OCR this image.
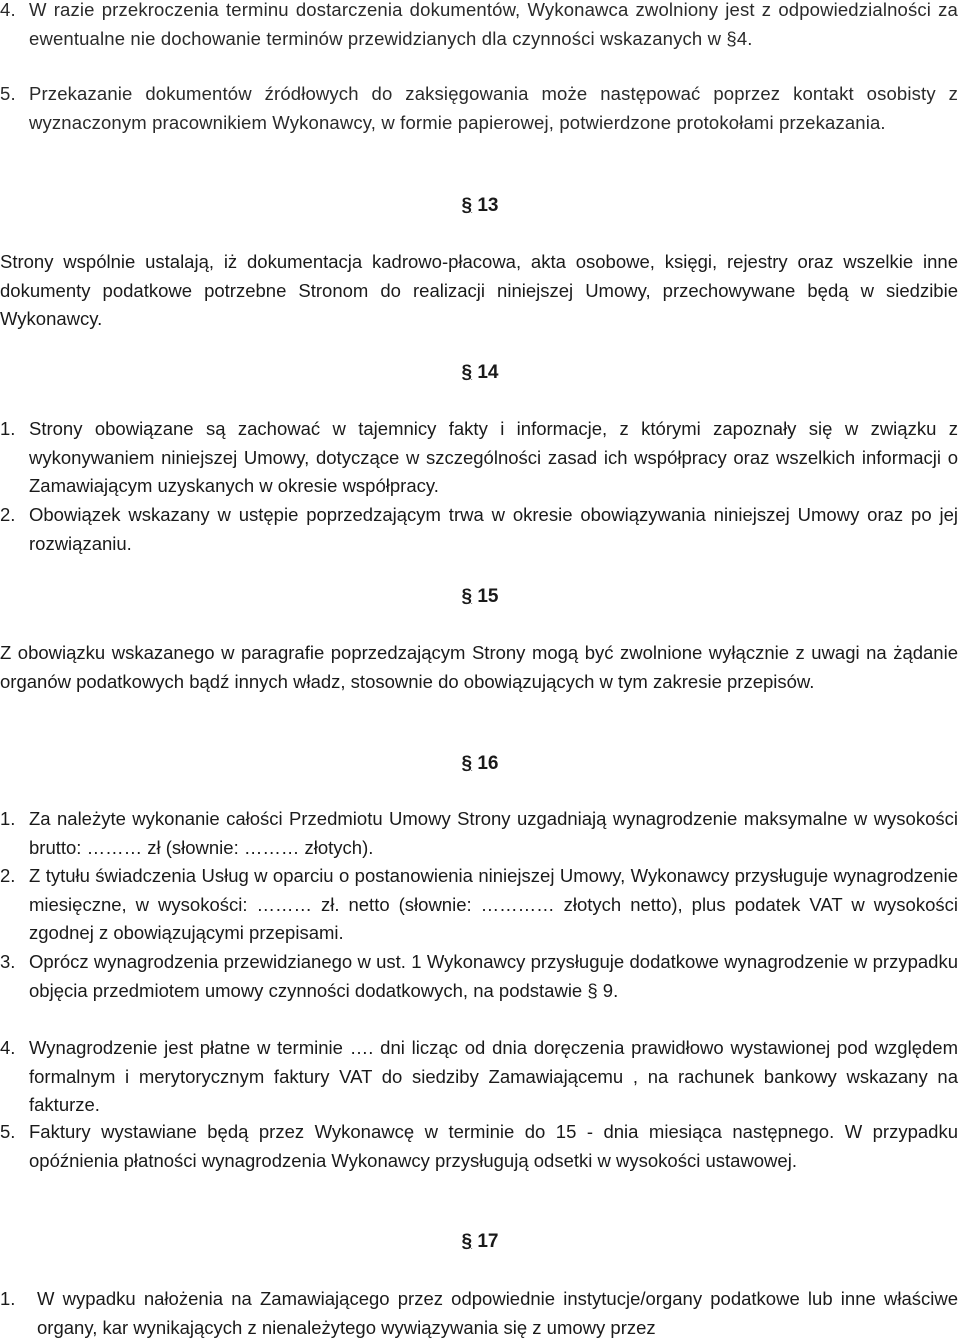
4. W razie przekroczenia terminu dostarczenia dokumentów, Wykonawca zwolniony jest z odpowiedzialności za ewentualne nie dochowanie terminów przewidzianych dla czynności wskazanych w §4.
5. Przekazanie dokumentów źródłowych do zaksięgowania może następować poprzez kontakt osobisty z wyznaczonym pracownikiem Wykonawcy, w formie papierowej, potwierdzone protokołami przekazania.
§ 13
Strony wspólnie ustalają, iż dokumentacja kadrowo-płacowa, akta osobowe, księgi, rejestry oraz wszelkie inne dokumenty podatkowe potrzebne Stronom do realizacji niniejszej Umowy, przechowywane będą w siedzibie Wykonawcy.
§ 14
1. Strony obowiązane są zachować w tajemnicy fakty i informacje, z którymi zapoznały się w związku z wykonywaniem niniejszej Umowy, dotyczące w szczególności zasad ich współpracy oraz wszelkich informacji o Zamawiającym uzyskanych w okresie współpracy.
2. Obowiązek wskazany w ustępie poprzedzającym trwa w okresie obowiązywania niniejszej Umowy oraz po jej rozwiązaniu.
§ 15
Z obowiązku wskazanego w paragrafie poprzedzającym Strony mogą być zwolnione wyłącznie z uwagi na żądanie organów podatkowych bądź innych władz, stosownie do obowiązujących w tym zakresie przepisów.
§ 16
1. Za należyte wykonanie całości Przedmiotu Umowy Strony uzgadniają wynagrodzenie maksymalne w wysokości brutto: ……… zł (słownie: ……… złotych).
2. Z tytułu świadczenia Usług w oparciu o postanowienia niniejszej Umowy, Wykonawcy przysługuje wynagrodzenie miesięczne, w wysokości: ……… zł. netto (słownie: ………… złotych netto), plus podatek VAT w wysokości zgodnej z obowiązującymi przepisami.
3. Oprócz wynagrodzenia przewidzianego w ust. 1 Wykonawcy przysługuje dodatkowe wynagrodzenie w przypadku objęcia przedmiotem umowy czynności dodatkowych, na podstawie § 9.
4. Wynagrodzenie jest płatne w terminie …. dni licząc od dnia doręczenia prawidłowo wystawionej pod względem formalnym i merytorycznym faktury VAT do siedziby Zamawiającemu , na rachunek bankowy wskazany na fakturze.
5. Faktury wystawiane będą przez Wykonawcę w terminie do 15 - dnia miesiąca następnego. W przypadku opóźnienia płatności wynagrodzenia Wykonawcy przysługują odsetki w wysokości ustawowej.
§ 17
1.	W wypadku nałożenia na Zamawiającego przez odpowiednie instytucje/organy podatkowe lub inne właściwe organy, kar wynikających z nienależytego wywiązywania się z umowy przez
